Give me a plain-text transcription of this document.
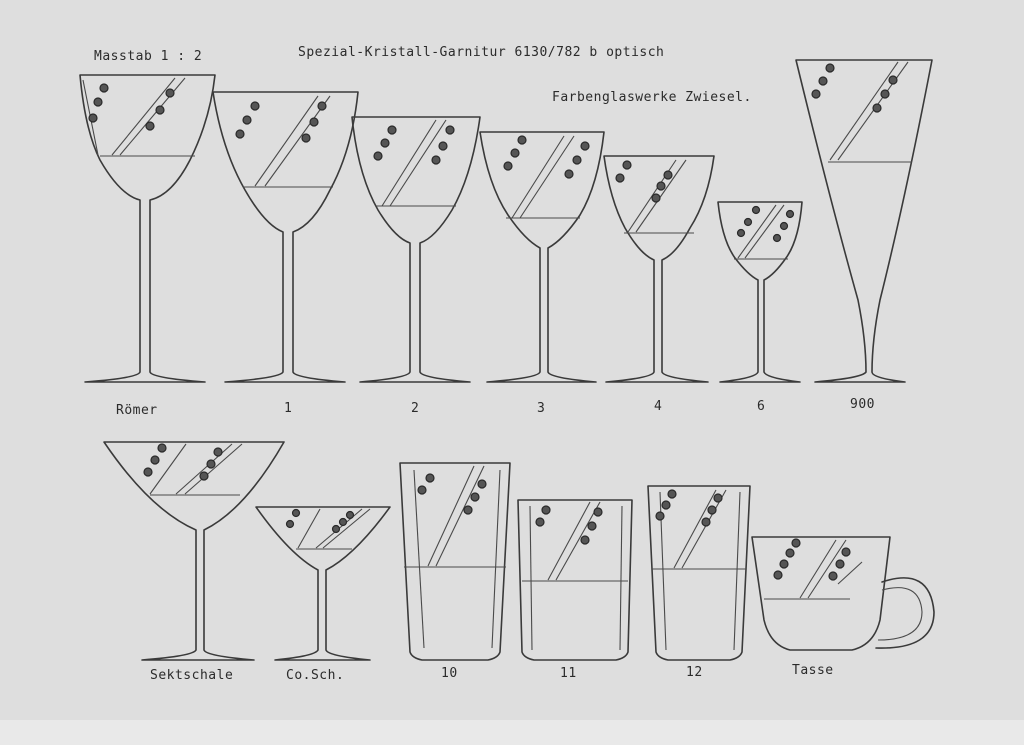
Masstab 1 : 2	Spezial-Kristall-Garnitur 6130/782 b optisch
Farbenglaswerke Zwiesel.
Römer	1	2	3	4	6	900
Sektschale	Co.Sch.	10	11	12	Tasse
